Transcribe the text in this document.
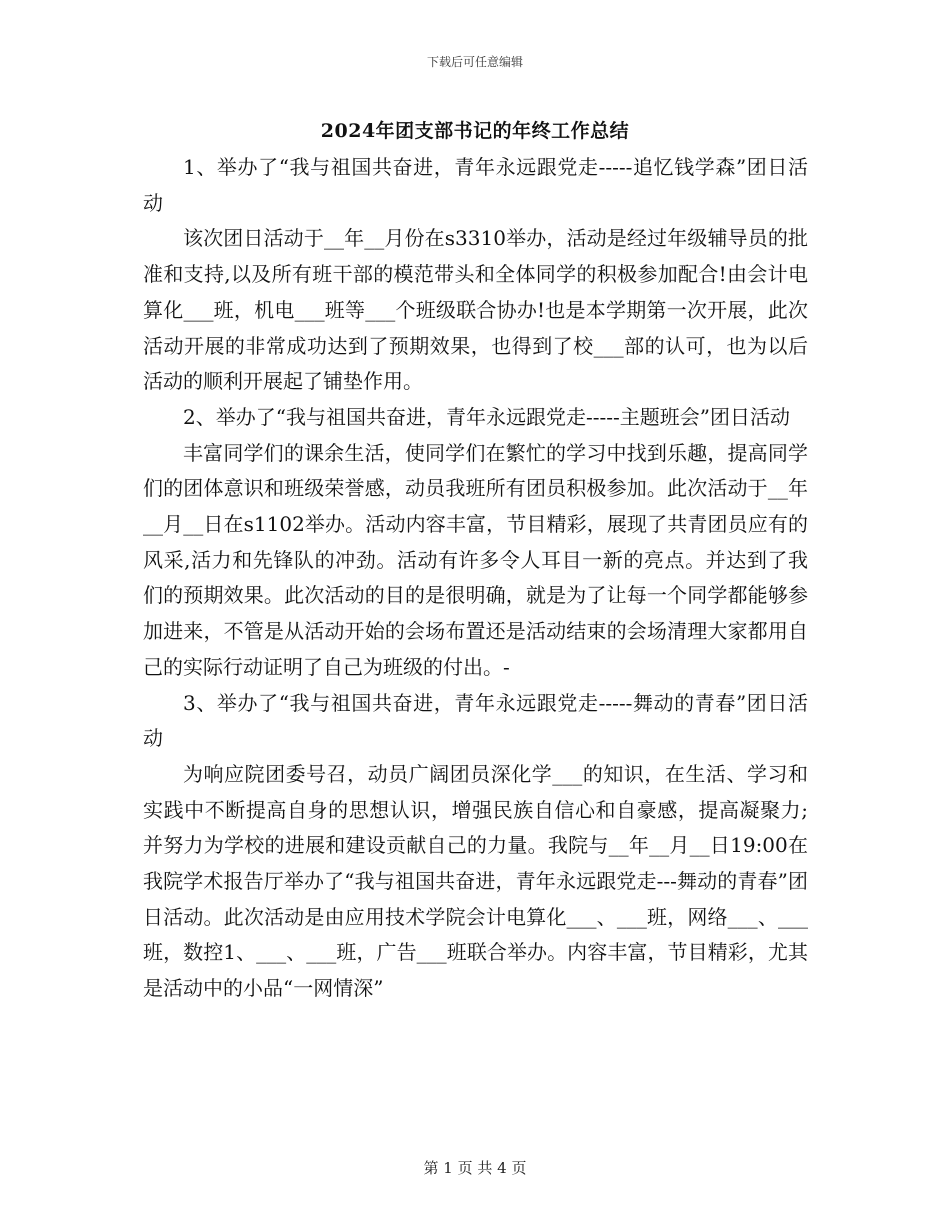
下载后可任意编辑
2024年团支部书记的年终工作总结

1、举办了“我与祖国共奋进，青年永远跟党走-----追忆钱学森”团日活动

该次团日活动于__年__月份在s3310举办，活动是经过年级辅导员的批准和支持,以及所有班干部的模范带头和全体同学的积极参加配合!由会计电算化___班，机电___班等___个班级联合协办!也是本学期第一次开展，此次活动开展的非常成功达到了预期效果，也得到了校___部的认可，也为以后活动的顺利开展起了铺垫作用。

2、举办了“我与祖国共奋进，青年永远跟党走-----主题班会”团日活动

丰富同学们的课余生活，使同学们在繁忙的学习中找到乐趣，提高同学们的团体意识和班级荣誉感，动员我班所有团员积极参加。此次活动于__年__月__日在s1102举办。活动内容丰富，节目精彩，展现了共青团员应有的风采,活力和先锋队的冲劲。活动有许多令人耳目一新的亮点。并达到了我们的预期效果。此次活动的目的是很明确，就是为了让每一个同学都能够参加进来，不管是从活动开始的会场布置还是活动结束的会场清理大家都用自己的实际行动证明了自己为班级的付出。-

3、举办了“我与祖国共奋进，青年永远跟党走-----舞动的青春”团日活动

为响应院团委号召，动员广阔团员深化学___的知识，在生活、学习和实践中不断提高自身的思想认识，增强民族自信心和自豪感，提高凝聚力;并努力为学校的进展和建设贡献自己的力量。我院与__年__月__日19:00在我院学术报告厅举办了“我与祖国共奋进，青年永远跟党走---舞动的青春”团日活动。此次活动是由应用技术学院会计电算化___、___班，网络___、___班，数控1、___、___班，广告___班联合举办。内容丰富，节目精彩，尤其是活动中的小品“一网情深”

第 1 页 共 4 页
